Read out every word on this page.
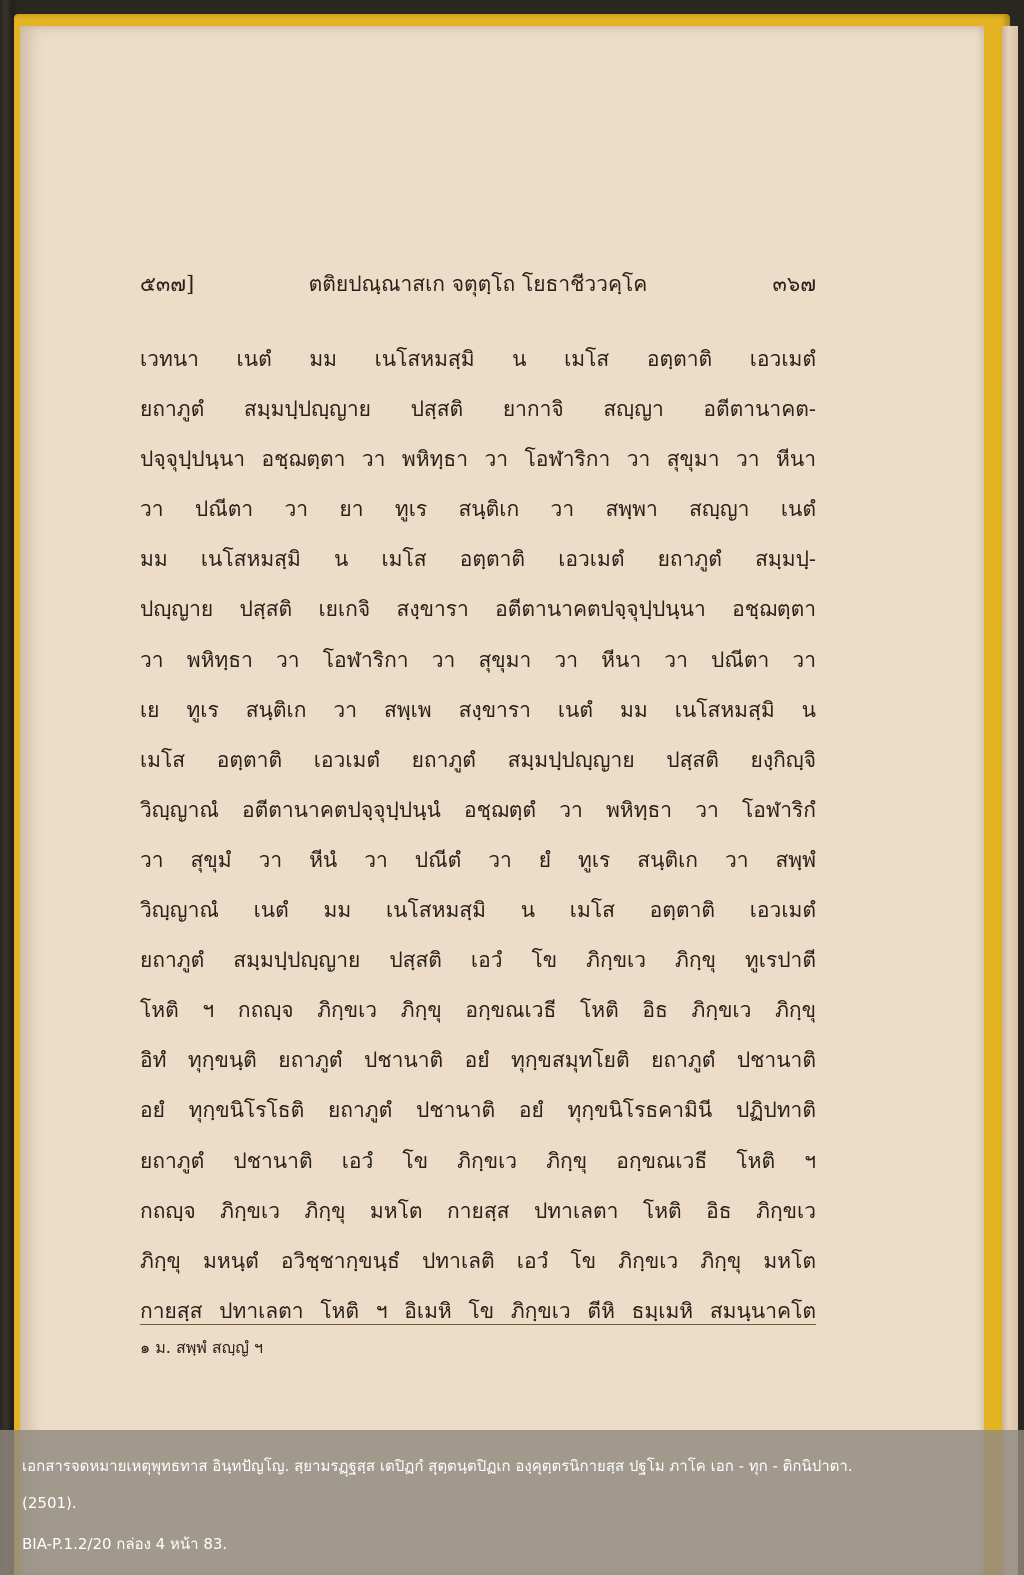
๕๓๗]	ตติยปณฺณาสเก จตุตฺโถ โยธาชีววคฺโค	๓๖๗
เวทนา เนตํ มม เนโสหมสฺมิ น เมโส อตฺตาติ เอวเมตํ
ยถาภูตํ สมฺมปฺปญฺญาย ปสฺสติ ยากาจิ สญฺญา อตีตานาคต-
ปจฺจุปฺปนฺนา อชฺฌตฺตา วา พหิทฺธา วา โอฬาริกา วา สุขุมา วา หีนา
วา ปณีตา วา ยา ทูเร สนฺติเก วา สพฺพา สญฺญา เนตํ
มม เนโสหมสฺมิ น เมโส อตฺตาติ เอวเมตํ ยถาภูตํ สมฺมปฺ-
ปญฺญาย ปสฺสติ เยเกจิ สงฺขารา อตีตานาคตปจฺจุปฺปนฺนา อชฺฌตฺตา
วา พหิทฺธา วา โอฬาริกา วา สุขุมา วา หีนา วา ปณีตา วา
เย ทูเร สนฺติเก วา สพฺเพ สงฺขารา เนตํ มม เนโสหมสฺมิ น
เมโส อตฺตาติ เอวเมตํ ยถาภูตํ สมฺมปฺปญฺญาย ปสฺสติ ยงฺกิญฺจิ
วิญฺญาณํ อตีตานาคตปจฺจุปฺปนฺนํ อชฺฌตฺตํ วา พหิทฺธา วา โอฬาริกํ
วา สุขุมํ วา หีนํ วา ปณีตํ วา ยํ ทูเร สนฺติเก วา สพฺพํ
วิญฺญาณํ เนตํ มม เนโสหมสฺมิ น เมโส อตฺตาติ เอวเมตํ
ยถาภูตํ สมฺมปฺปญฺญาย ปสฺสติ เอวํ โข ภิกฺขเว ภิกฺขุ ทูเรปาตี
โหติ ฯ กถญฺจ ภิกฺขเว ภิกฺขุ อกฺขณเวธี โหติ อิธ ภิกฺขเว ภิกฺขุ
อิทํ ทุกฺขนฺติ ยถาภูตํ ปชานาติ อยํ ทุกฺขสมุทโยติ ยถาภูตํ ปชานาติ
อยํ ทุกฺขนิโรโธติ ยถาภูตํ ปชานาติ อยํ ทุกฺขนิโรธคามินี ปฏิปทาติ
ยถาภูตํ ปชานาติ เอวํ โข ภิกฺขเว ภิกฺขุ อกฺขณเวธี โหติ ฯ
กถญฺจ ภิกฺขเว ภิกฺขุ มหโต กายสฺส ปทาเลตา โหติ อิธ ภิกฺขเว
ภิกฺขุ มหนฺตํ อวิชฺชากฺขนฺธํ ปทาเลติ เอวํ โข ภิกฺขเว ภิกฺขุ มหโต
กายสฺส ปทาเลตา โหติ ฯ อิเมหิ โข ภิกฺขเว ตีหิ ธมฺเมหิ สมนฺนาคโต
๑ ม. สพฺพํ สญฺญํ ฯ
เอกสารจดหมายเหตุพุทธทาส อินฺทปัญโญ. สฺยามรฏฺฐสฺส เตปิฏกํ สุตฺตนฺตปิฏเก องฺคุตฺตรนิกายสฺส ปฐโม ภาโค เอก - ทุก - ติกนิปาตา.
(2501).
BIA-P.1.2/20 กล่อง 4 หน้า 83.
